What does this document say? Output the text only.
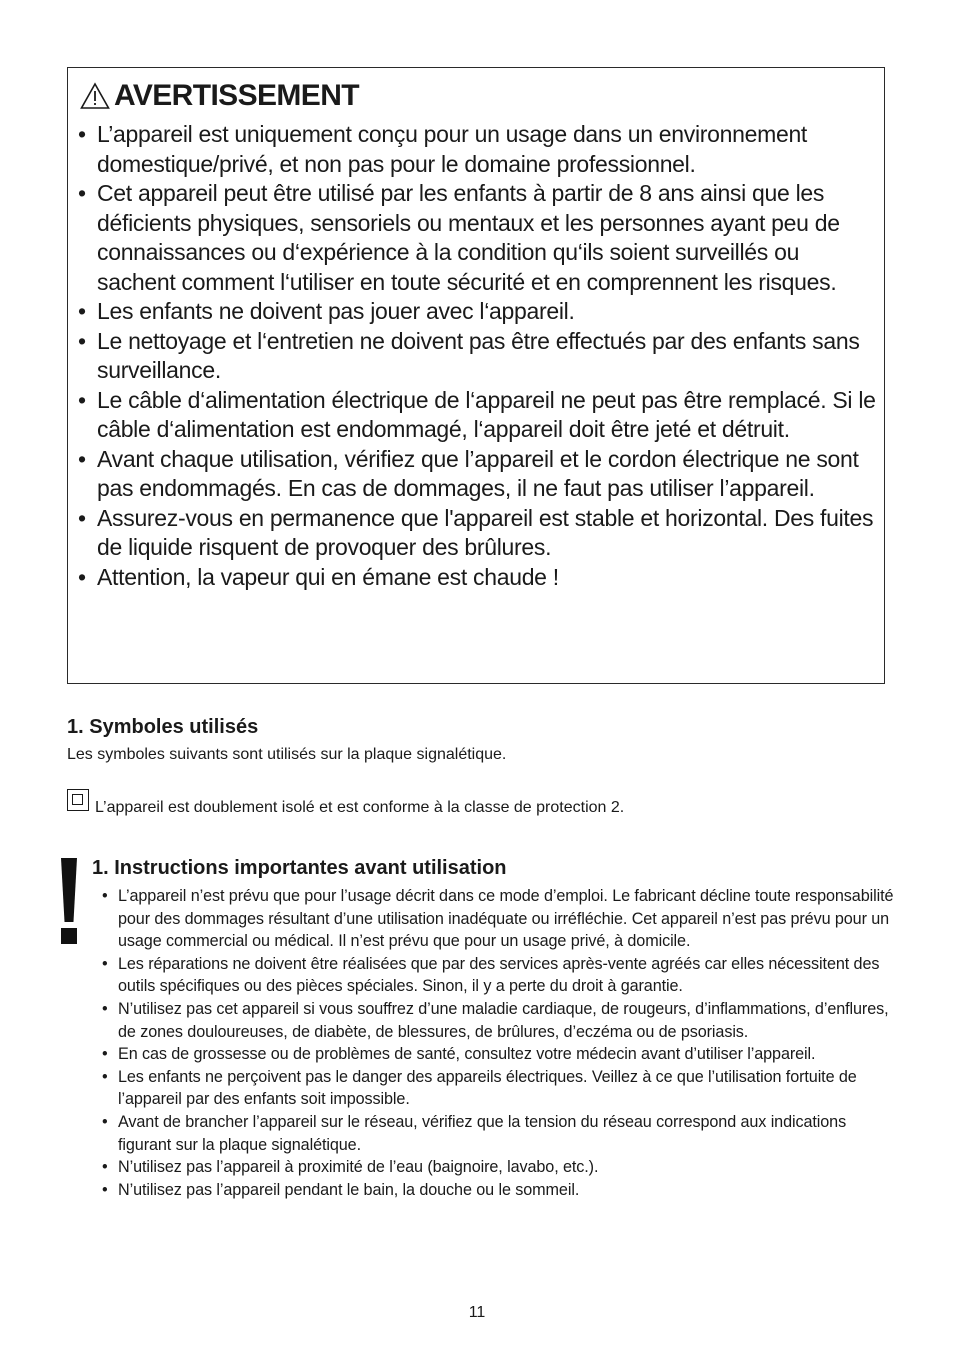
AVERTISSEMENT
• L’appareil est uniquement conçu pour un usage dans un environnement domestique/privé, et non pas pour le domaine professionnel.
• Cet appareil peut être utilisé par les enfants à partir de 8 ans ainsi que les déficients physiques, sensoriels ou mentaux et les personnes ayant peu de connaissances ou d‘expérience à la condition qu‘ils soient surveillés ou sachent comment l‘utiliser en toute sécurité et en comprennent les risques.
• Les enfants ne doivent pas jouer avec l‘appareil.
• Le nettoyage et l‘entretien ne doivent pas être effectués par des enfants sans surveillance.
• Le câble d‘alimentation électrique de l‘appareil ne peut pas être remplacé. Si le câble d‘alimentation est endommagé, l‘appareil doit être jeté et détruit.
• Avant chaque utilisation, vérifiez que l’appareil et le cordon électrique ne sont pas endommagés. En cas de dommages, il ne faut pas utiliser l’appareil.
• Assurez-vous en permanence que l'appareil est stable et horizontal. Des fuites de liquide risquent de provoquer des brûlures.
• Attention, la vapeur qui en émane est chaude !
1. Symboles utilisés
Les symboles suivants sont utilisés sur la plaque signalétique.
L’appareil est doublement isolé et est conforme à la classe de protection 2.
1. Instructions importantes avant utilisation
• L’appareil n’est prévu que pour l’usage décrit dans ce mode d’emploi. Le fabricant décline toute responsabilité pour des dommages résultant d’une utilisation inadéquate ou irréfléchie. Cet appareil n’est pas prévu pour un usage commercial ou médical. Il n’est prévu que pour un usage privé, à domicile.
• Les réparations ne doivent être réalisées que par des services après-vente agréés car elles nécessitent des outils spécifiques ou des pièces spéciales. Sinon, il y a perte du droit à garantie.
• N’utilisez pas cet appareil si vous souffrez d’une maladie cardiaque, de rougeurs, d’inflammations, d’enflures, de zones douloureuses, de diabète, de blessures, de brûlures, d’eczéma ou de psoriasis.
• En cas de grossesse ou de problèmes de santé, consultez votre médecin avant d’utiliser l’appareil.
• Les enfants ne perçoivent pas le danger des appareils électriques. Veillez à ce que l’utilisation fortuite de l’appareil par des enfants soit impossible.
• Avant de brancher l’appareil sur le réseau, vérifiez que la tension du réseau correspond aux indications figurant sur la plaque signalétique.
• N’utilisez pas l’appareil à proximité de l’eau (baignoire, lavabo, etc.).
• N’utilisez pas l’appareil pendant le bain, la douche ou le sommeil.
11
